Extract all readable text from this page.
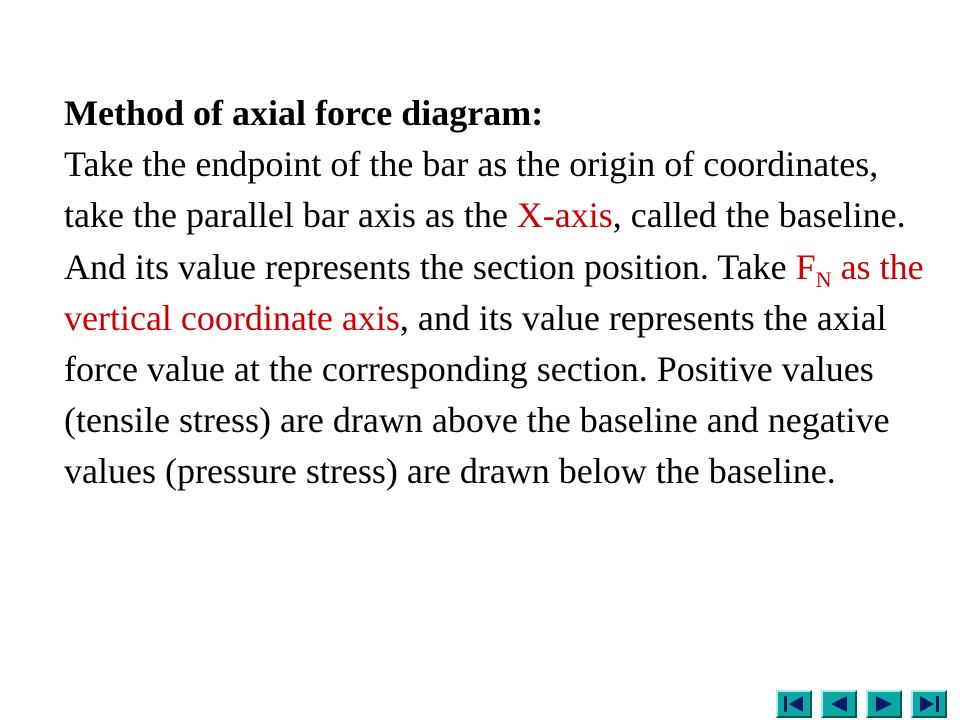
Method of axial force diagram:
Take the endpoint of the bar as the origin of coordinates, take the parallel bar axis as the X-axis, called the baseline. And its value represents the section position. Take $F_N$ as the vertical coordinate axis, and its value represents the axial force value at the corresponding section. Positive values (tensile stress) are drawn above the baseline and negative values (pressure stress) are drawn below the baseline.
